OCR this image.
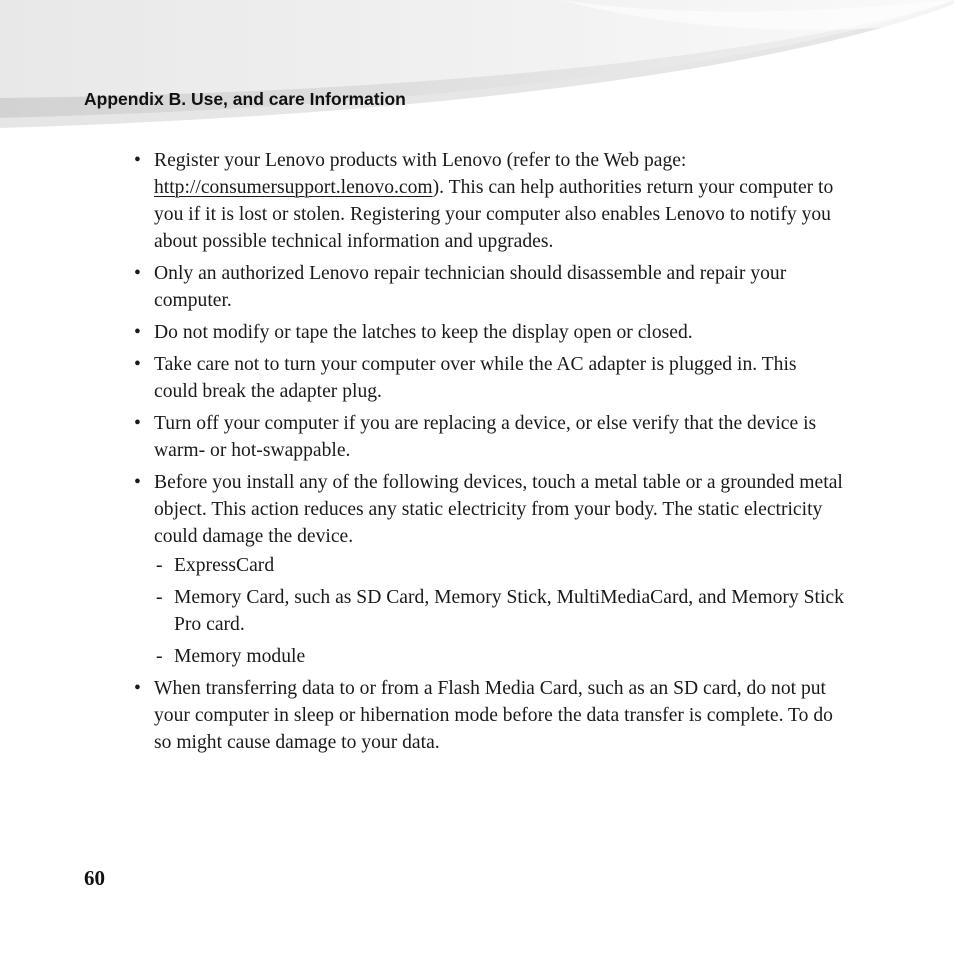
Appendix B. Use, and care Information
• Register your Lenovo products with Lenovo (refer to the Web page: http://consumersupport.lenovo.com). This can help authorities return your computer to you if it is lost or stolen. Registering your computer also enables Lenovo to notify you about possible technical information and upgrades.
• Only an authorized Lenovo repair technician should disassemble and repair your computer.
• Do not modify or tape the latches to keep the display open or closed.
• Take care not to turn your computer over while the AC adapter is plugged in. This could break the adapter plug.
• Turn off your computer if you are replacing a device, or else verify that the device is warm- or hot-swappable.
• Before you install any of the following devices, touch a metal table or a grounded metal object. This action reduces any static electricity from your body. The static electricity could damage the device.
- ExpressCard
- Memory Card, such as SD Card, Memory Stick, MultiMediaCard, and Memory Stick Pro card.
- Memory module
• When transferring data to or from a Flash Media Card, such as an SD card, do not put your computer in sleep or hibernation mode before the data transfer is complete. To do so might cause damage to your data.
60
